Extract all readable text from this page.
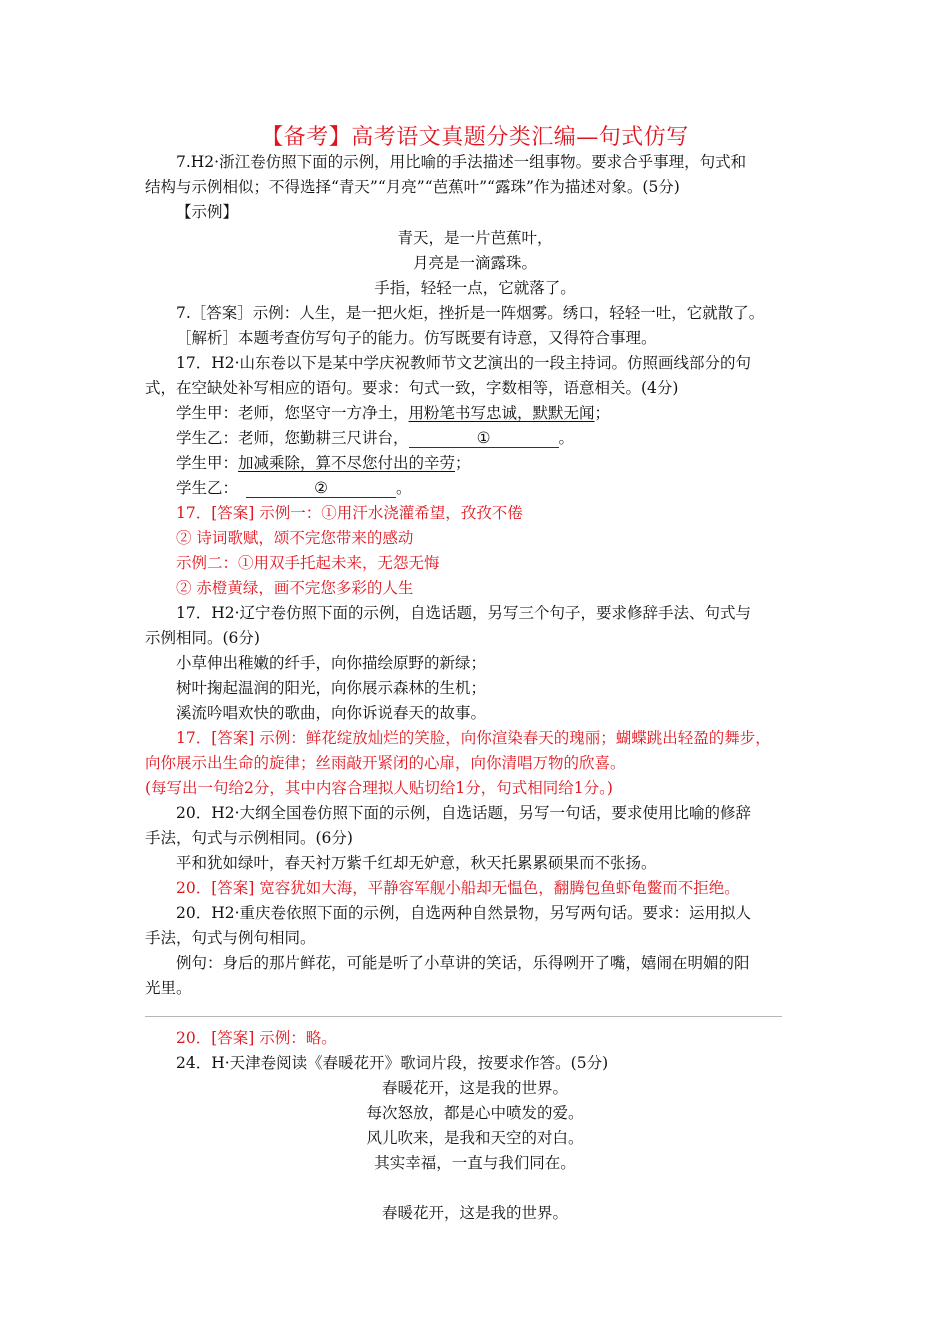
【备考】高考语文真题分类汇编—句式仿写
7.H2·浙江卷仿照下面的示例，用比喻的手法描述一组事物。要求合乎事理，句式和
结构与示例相似；不得选择“青天”“月亮”“芭蕉叶”“露珠”作为描述对象。(5分)
【示例】
青天，是一片芭蕉叶，
月亮是一滴露珠。
手指，轻轻一点，它就落了。
7.［答案］示例：人生，是一把火炬，挫折是一阵烟雾。绣口，轻轻一吐，它就散了。
［解析］本题考查仿写句子的能力。仿写既要有诗意，又得符合事理。
17．H2·山东卷以下是某中学庆祝教师节文艺演出的一段主持词。仿照画线部分的句
式，在空缺处补写相应的语句。要求：句式一致，字数相等，语意相关。(4分)
学生甲：老师，您坚守一方净土，用粉笔书写忠诚，默默无闻；
学生乙：老师，您勤耕三尺讲台，	①	。
学生甲：加减乘除，算不尽您付出的辛劳；
学生乙：	②	。
17．[答案] 示例一：①用汗水浇灌希望，孜孜不倦
② 诗词歌赋，颂不完您带来的感动
示例二：①用双手托起未来，无怨无悔
② 赤橙黄绿，画不完您多彩的人生
17．H2·辽宁卷仿照下面的示例，自选话题，另写三个句子，要求修辞手法、句式与
示例相同。(6分)
小草伸出稚嫩的纤手，向你描绘原野的新绿；
树叶掬起温润的阳光，向你展示森林的生机；
溪流吟唱欢快的歌曲，向你诉说春天的故事。
17．[答案] 示例：鲜花绽放灿烂的笑脸，向你渲染春天的瑰丽；蝴蝶跳出轻盈的舞步，
向你展示出生命的旋律；丝雨敲开紧闭的心扉，向你清唱万物的欣喜。
(每写出一句给2分，其中内容合理拟人贴切给1分，句式相同给1分。)
20．H2·大纲全国卷仿照下面的示例，自选话题，另写一句话，要求使用比喻的修辞
手法，句式与示例相同。(6分)
平和犹如绿叶，春天衬万紫千红却无妒意，秋天托累累硕果而不张扬。
20．[答案] 宽容犹如大海，平静容军舰小船却无愠色，翻腾包鱼虾龟鳖而不拒绝。
20．H2·重庆卷依照下面的示例，自选两种自然景物，另写两句话。要求：运用拟人
手法，句式与例句相同。
例句：身后的那片鲜花，可能是听了小草讲的笑话，乐得咧开了嘴，嬉闹在明媚的阳
光里。
20．[答案] 示例：略。
24．H·天津卷阅读《春暖花开》歌词片段，按要求作答。(5分)
春暖花开，这是我的世界。
每次怒放，都是心中喷发的爱。
风儿吹来，是我和天空的对白。
其实幸福，一直与我们同在。
春暖花开，这是我的世界。
